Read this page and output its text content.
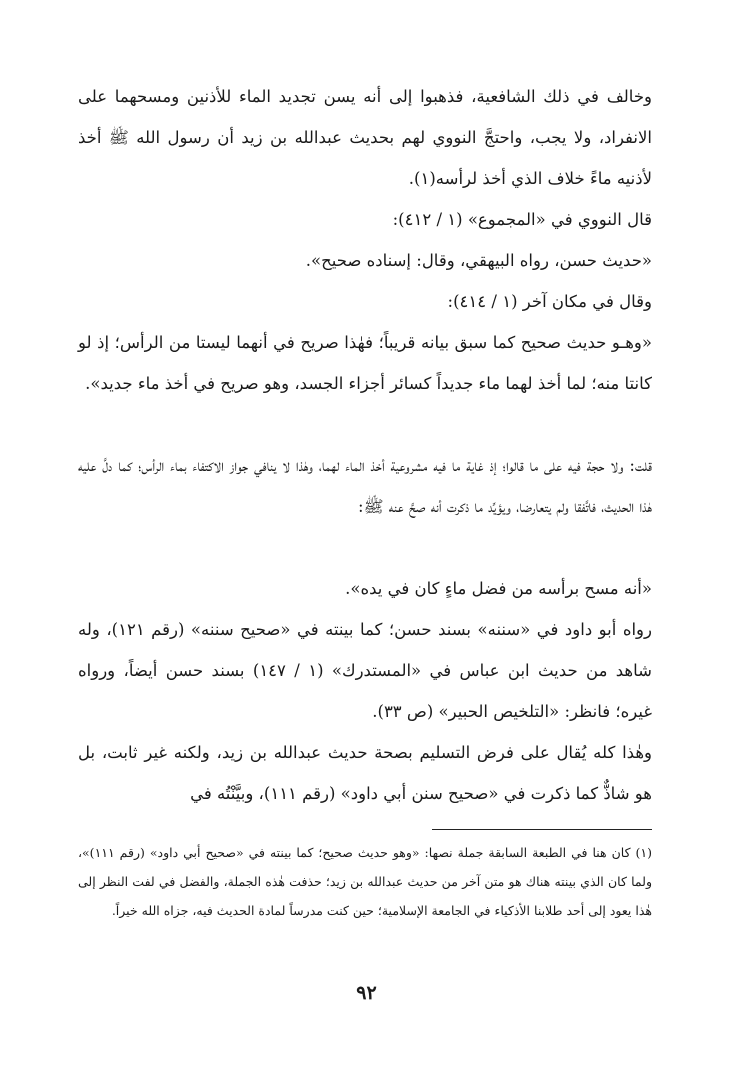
وخالف في ذلك الشافعية، فذهبوا إلى أنه يسن تجديد الماء للأذنين ومسحهما على الانفراد، ولا يجب، واحتجَّ النووي لهم بحديث عبدالله بن زيد أن رسول الله ﷺ أخذ لأذنيه ماءً خلاف الذي أخذ لرأسه(١).

قال النووي في «المجموع» (١ / ٤١٢):

«حديث حسن، رواه البيهقي، وقال: إسناده صحيح».

وقال في مكان آخر (١ / ٤١٤):

«وهـو حديث صحيح كما سبق بيانه قريباً؛ فهٰذا صريح في أنهما ليستا من الرأس؛ إذ لو كانتا منه؛ لما أخذ لهما ماء جديداً كسائر أجزاء الجسد، وهو صريح في أخذ ماء جديد».

قلت: ولا حجة فيه على ما قالوا؛ إذ غاية ما فيه مشروعية أخذ الماء لهما، وهٰذا لا ينافي جواز الاكتفاء بماء الرأس؛ كما دلَّ عليه هٰذا الحديث، فاتَّفقا ولم يتعارضا، ويؤيِّد ما ذكرت أنه صحَّ عنه ﷺ:

«أنه مسح برأسه من فضل ماءٍ كان في يده».

رواه أبو داود في «سننه» بسند حسن؛ كما بينته في «صحيح سننه» (رقم ١٢١)، وله شاهد من حديث ابن عباس في «المستدرك» (١ / ١٤٧) بسند حسن أيضاً، ورواه غيره؛ فانظر: «التلخيص الحبير» (ص ٣٣).

وهٰذا كله يُقال على فرض التسليم بصحة حديث عبدالله بن زيد، ولكنه غير ثابت، بل هو شاذٌّ كما ذكرت في «صحيح سنن أبي داود» (رقم ١١١)، وبيَّنْتُه في

(١) كان هنا في الطبعة السابقة جملة نصها: «وهو حديث صحيح؛ كما بينته في «صحيح أبي داود» (رقم ١١١)»، ولما كان الذي بينته هناك هو متن آخر من حديث عبدالله بن زيد؛ حذفت هٰذه الجملة، والفضل في لفت النظر إلى هٰذا يعود إلى أحد طلابنا الأذكياء في الجامعة الإسلامية؛ حين كنت مدرساً لمادة الحديث فيه، جزاه الله خيراً.

٩٢
